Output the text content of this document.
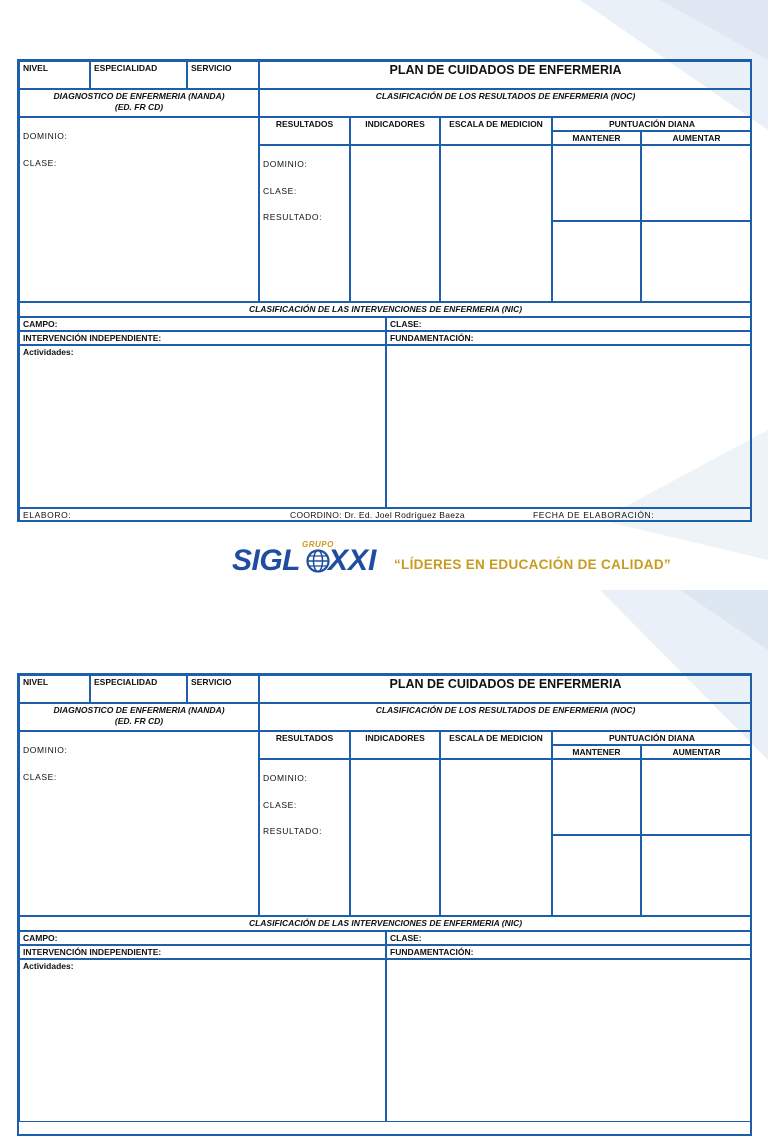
NIVEL	ESPECIALIDAD	SERVICIO	PLAN DE CUIDADOS DE ENFERMERIA
DIAGNOSTICO DE ENFERMERIA (NANDA)
(ED. FR CD)
CLASIFICACIÓN DE LOS RESULTADOS DE ENFERMERIA (NOC)
DOMINIO:
CLASE:
RESULTADOS	INDICADORES	ESCALA DE MEDICION	PUNTUACIÓN DIANA
MANTENER	AUMENTAR
DOMINIO:
CLASE:
RESULTADO:
CLASIFICACIÓN DE LAS INTERVENCIONES DE ENFERMERIA (NIC)
CAMPO:	CLASE:
INTERVENCIÓN INDEPENDIENTE:	FUNDAMENTACIÓN:
Actividades:
ELABORO:	COORDINO: Dr. Ed. Joel Rodríguez Baeza	FECHA DE ELABORACIÓN:
SIGL GRUPO
XXI “LÍDERES EN EDUCACIÓN DE CALIDAD”
NIVEL	ESPECIALIDAD	SERVICIO	PLAN DE CUIDADOS DE ENFERMERIA
DIAGNOSTICO DE ENFERMERIA (NANDA)
(ED. FR CD)
CLASIFICACIÓN DE LOS RESULTADOS DE ENFERMERIA (NOC)
DOMINIO:
CLASE:
RESULTADOS	INDICADORES	ESCALA DE MEDICION	PUNTUACIÓN DIANA
MANTENER	AUMENTAR
DOMINIO:
CLASE:
RESULTADO:
CLASIFICACIÓN DE LAS INTERVENCIONES DE ENFERMERIA (NIC)
CAMPO:	CLASE:
INTERVENCIÓN INDEPENDIENTE:	FUNDAMENTACIÓN:
Actividades:
